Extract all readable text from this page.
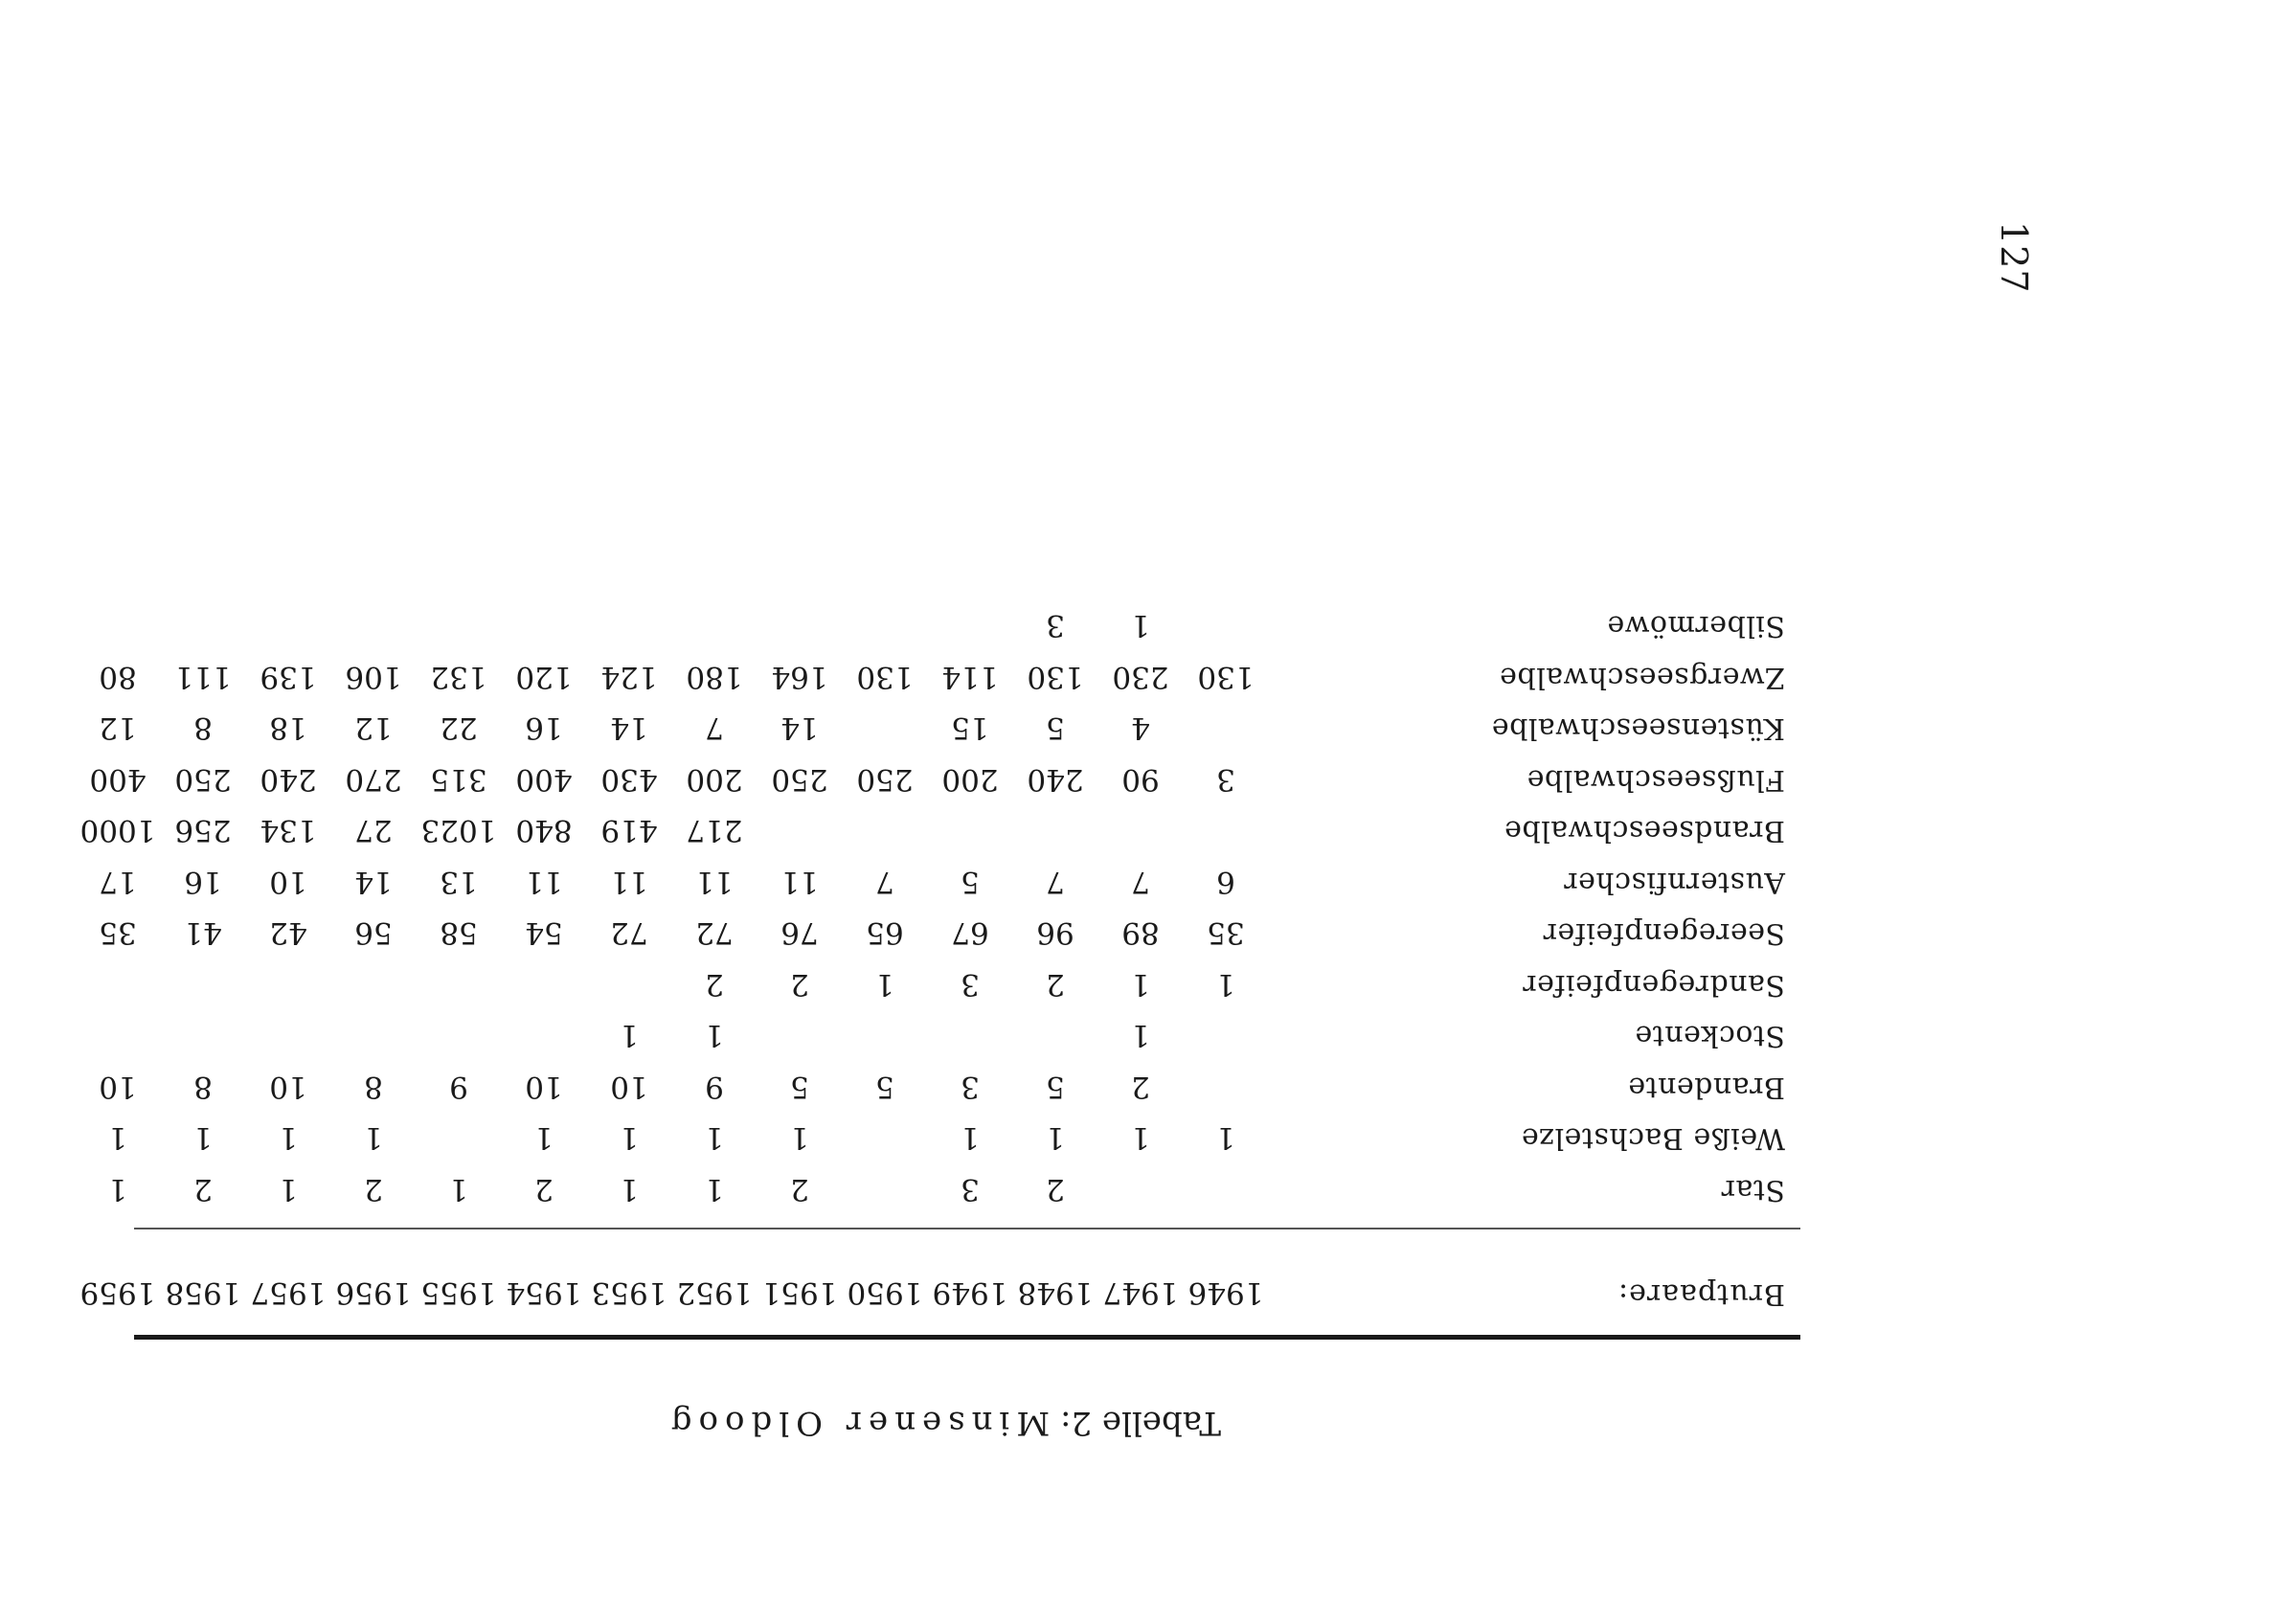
127
Tabelle 2: Minsener Oldoog
Brutpaare:
1946
1947
1948
1949
1950
1951
1952
1953
1954
1955
1956
1957
1958
1959
Star
2
3
2
1
1
2
1
2
1
2
1
Weiße Bachstelze
1
1
1
1
1
1
1
1
1
1
1
1
Brandente
2
5
3
5
5
9
10
10
9
8
10
8
10
Stockente
1
1
1
Sandregenpfeifer
1
1
2
3
1
2
2
Seeregenpfeifer
35
89
96
67
65
76
72
72
54
58
56
42
41
35
Austernfischer
6
7
7
5
7
11
11
11
11
13
14
10
16
17
Brandseeschwalbe
217
419
840
1023
27
134
256
1000
Flußseeschwalbe
3
90
240
200
250
250
200
430
400
315
270
240
250
400
Küstenseeschwalbe
4
5
15
14
7
14
16
22
12
18
8
12
Zwergseeschwalbe
130
230
130
114
130
164
180
124
120
132
106
139
111
80
Silbermöwe
1
3
